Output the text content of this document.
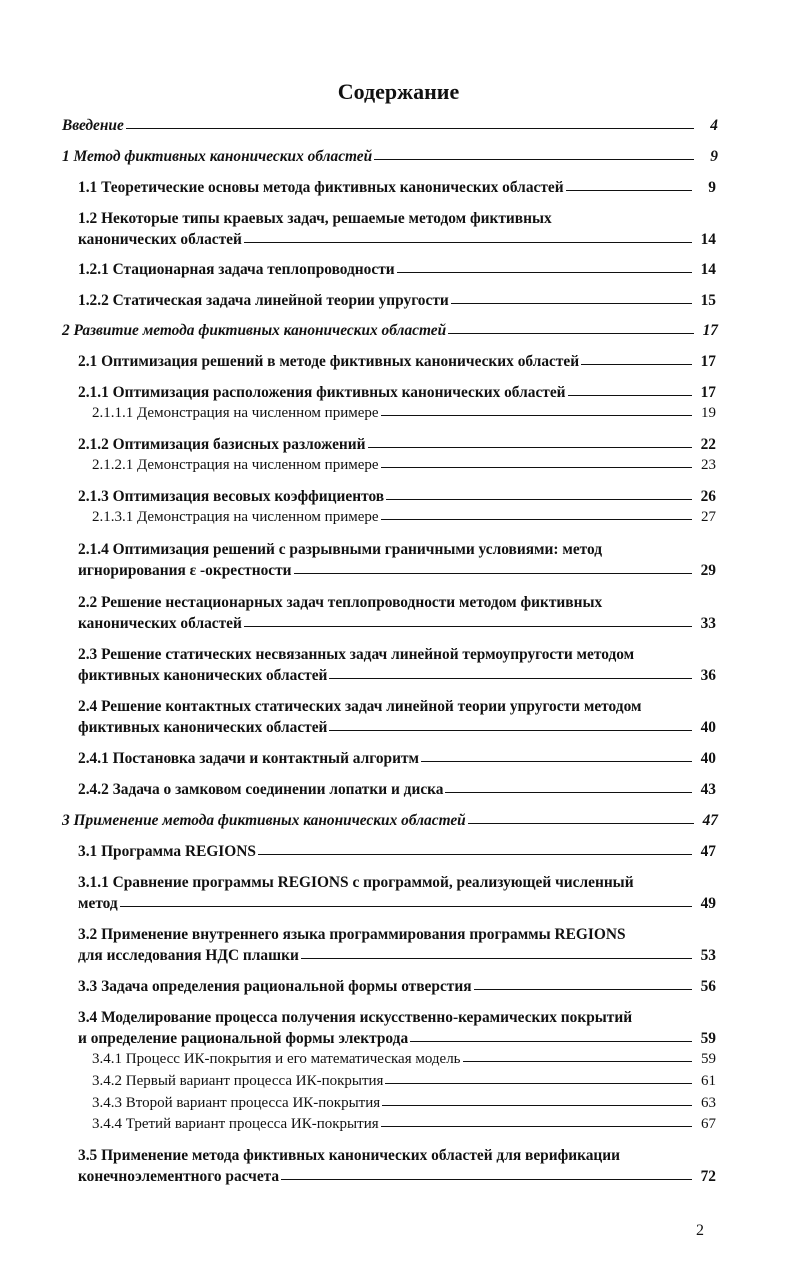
Содержание
Введение	4
1 Метод фиктивных канонических областей	9
1.1 Теоретические основы метода фиктивных канонических областей	9
1.2 Некоторые типы краевых задач, решаемые методом фиктивных
канонических областей	14
1.2.1 Стационарная задача теплопроводности	14
1.2.2 Статическая задача линейной теории упругости	15
2 Развитие метода фиктивных канонических областей	17
2.1 Оптимизация решений в методе фиктивных канонических областей	17
2.1.1 Оптимизация расположения фиктивных канонических областей	17
2.1.1.1 Демонстрация на численном примере	19
2.1.2 Оптимизация базисных разложений	22
2.1.2.1 Демонстрация на численном примере	23
2.1.3 Оптимизация весовых коэффициентов	26
2.1.3.1 Демонстрация на численном примере	27
2.1.4 Оптимизация решений с разрывными граничными условиями: метод
игнорирования ε -окрестности	29
2.2 Решение нестационарных задач теплопроводности методом фиктивных
канонических областей	33
2.3 Решение статических несвязанных задач линейной термоупругости методом
фиктивных канонических областей	36
2.4 Решение контактных статических задач линейной теории упругости методом
фиктивных канонических областей	40
2.4.1 Постановка задачи и контактный алгоритм	40
2.4.2 Задача о замковом соединении лопатки и диска	43
3 Применение метода фиктивных канонических областей	47
3.1 Программа REGIONS	47
3.1.1 Сравнение программы REGIONS с программой, реализующей численный
метод	49
3.2 Применение внутреннего языка программирования программы REGIONS
для исследования НДС плашки	53
3.3 Задача определения рациональной формы отверстия	56
3.4 Моделирование процесса получения искусственно-керамических покрытий
и определение рациональной формы электрода	59
3.4.1 Процесс ИК-покрытия и его математическая модель	59
3.4.2 Первый вариант процесса ИК-покрытия	61
3.4.3 Второй вариант процесса ИК-покрытия	63
3.4.4 Третий вариант процесса ИК-покрытия	67
3.5 Применение метода фиктивных канонических областей для верификации
конечноэлементного расчета	72
2
